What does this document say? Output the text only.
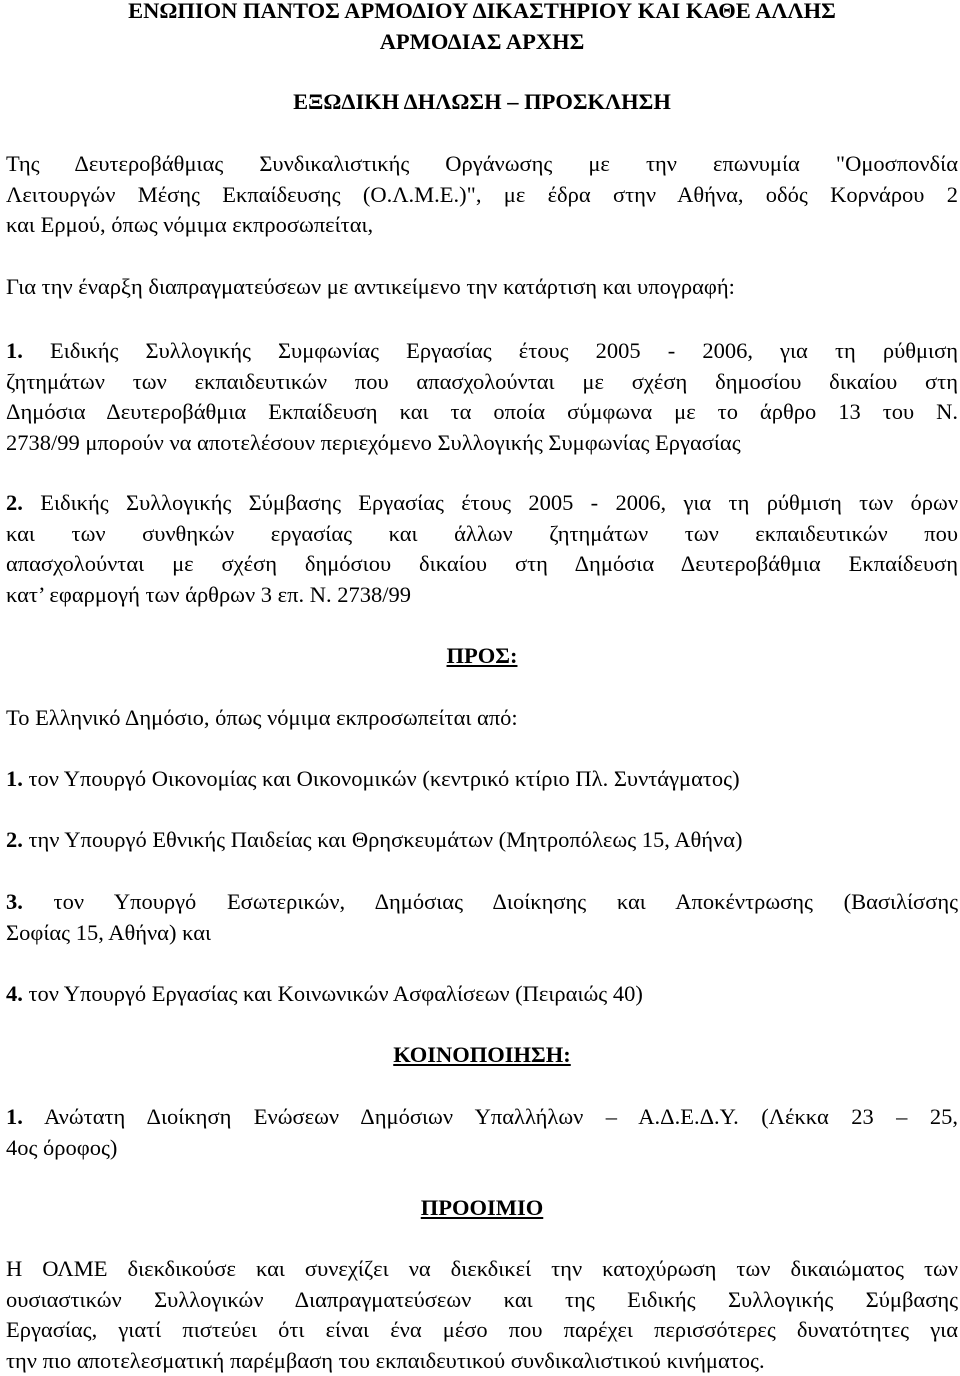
ΕΝΩΠΙΟΝ ΠΑΝΤΟΣ ΑΡΜΟΔΙΟΥ ΔΙΚΑΣΤΗΡΙΟΥ ΚΑΙ ΚΑΘΕ ΑΛΛΗΣ
ΑΡΜΟΔΙΑΣ ΑΡΧΗΣ
ΕΞΩΔΙΚΗ ΔΗΛΩΣΗ – ΠΡΟΣΚΛΗΣΗ
Της Δευτεροβάθμιας Συνδικαλιστικής Οργάνωσης με την επωνυμία "Ομοσπονδία
Λειτουργών Μέσης Εκπαίδευσης (Ο.Λ.Μ.Ε.)", με έδρα στην Αθήνα, οδός Κορνάρου 2
και Ερμού, όπως νόμιμα εκπροσωπείται,
Για την έναρξη διαπραγματεύσεων με αντικείμενο την κατάρτιση και υπογραφή:
1. Ειδικής Συλλογικής Συμφωνίας Εργασίας έτους 2005 - 2006, για τη ρύθμιση
ζητημάτων των εκπαιδευτικών που απασχολούνται με σχέση δημοσίου δικαίου στη
Δημόσια Δευτεροβάθμια Εκπαίδευση και τα οποία σύμφωνα με το άρθρο 13 του Ν.
2738/99 μπορούν να αποτελέσουν περιεχόμενο Συλλογικής Συμφωνίας Εργασίας
2. Ειδικής Συλλογικής Σύμβασης Εργασίας έτους 2005 - 2006, για τη ρύθμιση των όρων
και των συνθηκών εργασίας και άλλων ζητημάτων των εκπαιδευτικών που
απασχολούνται με σχέση δημόσιου δικαίου στη Δημόσια Δευτεροβάθμια Εκπαίδευση
κατ’ εφαρμογή των άρθρων 3 επ. Ν. 2738/99
ΠΡΟΣ:
Το Ελληνικό Δημόσιο, όπως νόμιμα εκπροσωπείται από:
1. τον Υπουργό Οικονομίας και Οικονομικών (κεντρικό κτίριο Πλ. Συντάγματος)
2. την Υπουργό Εθνικής Παιδείας και Θρησκευμάτων (Μητροπόλεως 15, Αθήνα)
3. τον Υπουργό Εσωτερικών, Δημόσιας Διοίκησης και Αποκέντρωσης (Βασιλίσσης
Σοφίας 15, Αθήνα) και
4. τον Υπουργό Εργασίας και Κοινωνικών Ασφαλίσεων (Πειραιώς 40)
ΚΟΙΝΟΠΟΙΗΣΗ:
1. Ανώτατη Διοίκηση Ενώσεων Δημόσιων Υπαλλήλων – Α.Δ.Ε.Δ.Υ. (Λέκκα 23 – 25,
4ος όροφος)
ΠΡΟΟΙΜΙΟ
Η ΟΛΜΕ διεκδικούσε και συνεχίζει να διεκδικεί την κατοχύρωση των δικαιώματος των
ουσιαστικών Συλλογικών Διαπραγματεύσεων και της Ειδικής Συλλογικής Σύμβασης
Εργασίας, γιατί πιστεύει ότι είναι ένα μέσο που παρέχει περισσότερες δυνατότητες για
την πιο αποτελεσματική παρέμβαση του εκπαιδευτικού συνδικαλιστικού κινήματος.
